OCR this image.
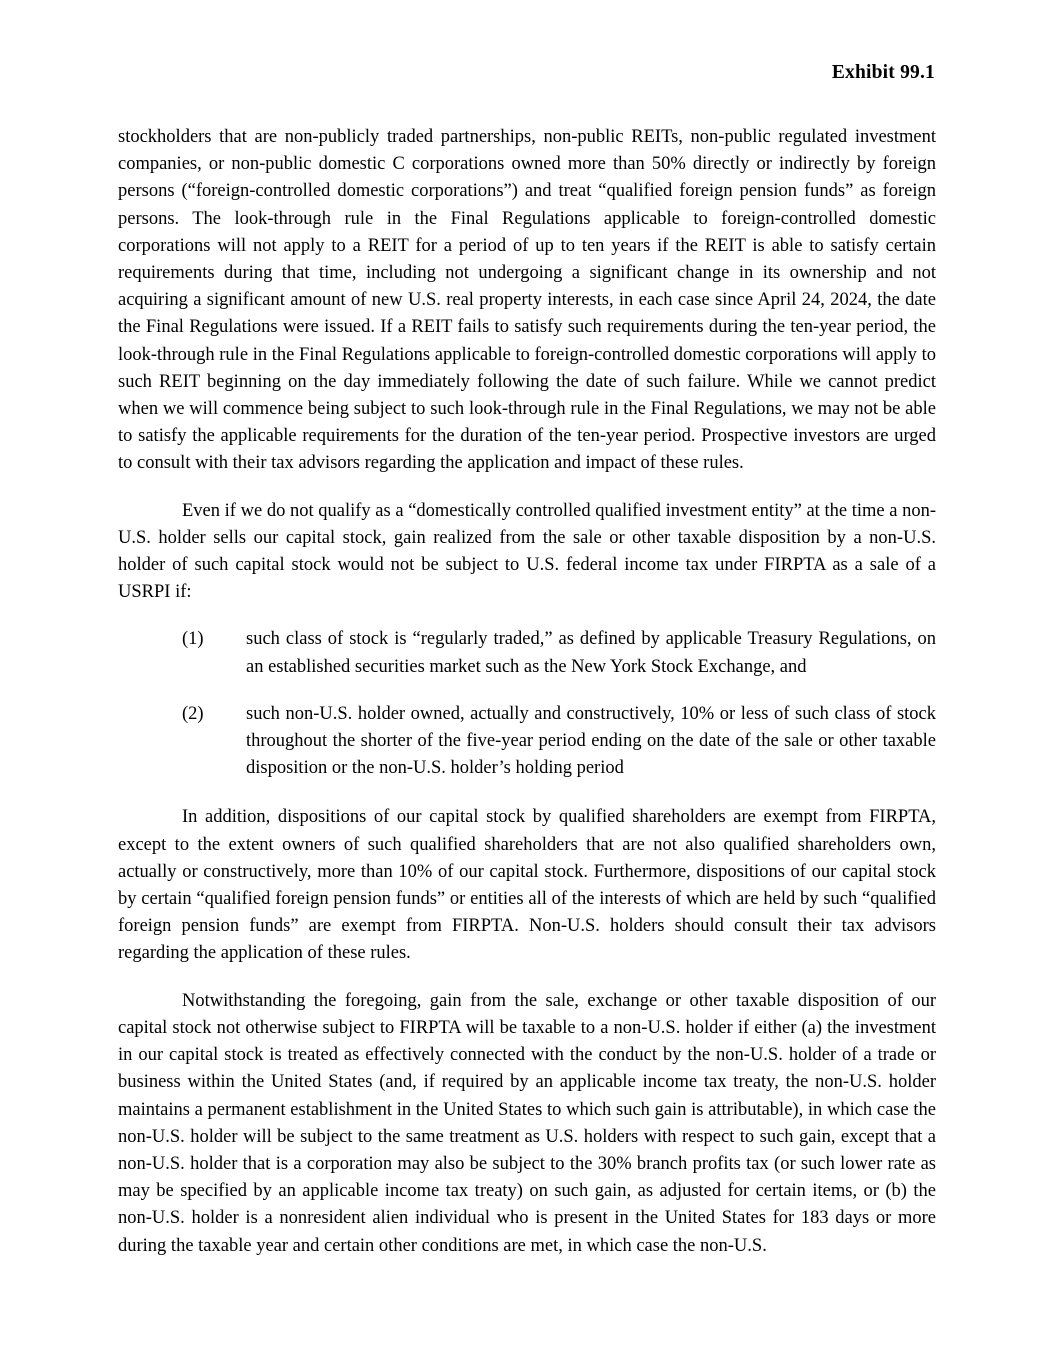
Exhibit 99.1

stockholders that are non-publicly traded partnerships, non-public REITs, non-public regulated investment companies, or non-public domestic C corporations owned more than 50% directly or indirectly by foreign persons (“foreign-controlled domestic corporations”) and treat “qualified foreign pension funds” as foreign persons. The look-through rule in the Final Regulations applicable to foreign-controlled domestic corporations will not apply to a REIT for a period of up to ten years if the REIT is able to satisfy certain requirements during that time, including not undergoing a significant change in its ownership and not acquiring a significant amount of new U.S. real property interests, in each case since April 24, 2024, the date the Final Regulations were issued. If a REIT fails to satisfy such requirements during the ten-year period, the look-through rule in the Final Regulations applicable to foreign-controlled domestic corporations will apply to such REIT beginning on the day immediately following the date of such failure. While we cannot predict when we will commence being subject to such look-through rule in the Final Regulations, we may not be able to satisfy the applicable requirements for the duration of the ten-year period. Prospective investors are urged to consult with their tax advisors regarding the application and impact of these rules.

Even if we do not qualify as a “domestically controlled qualified investment entity” at the time a non-U.S. holder sells our capital stock, gain realized from the sale or other taxable disposition by a non-U.S. holder of such capital stock would not be subject to U.S. federal income tax under FIRPTA as a sale of a USRPI if:

(1)	such class of stock is “regularly traded,” as defined by applicable Treasury Regulations, on an established securities market such as the New York Stock Exchange, and
(2)	such non-U.S. holder owned, actually and constructively, 10% or less of such class of stock throughout the shorter of the five-year period ending on the date of the sale or other taxable disposition or the non-U.S. holder’s holding period

In addition, dispositions of our capital stock by qualified shareholders are exempt from FIRPTA, except to the extent owners of such qualified shareholders that are not also qualified shareholders own, actually or constructively, more than 10% of our capital stock. Furthermore, dispositions of our capital stock by certain “qualified foreign pension funds” or entities all of the interests of which are held by such “qualified foreign pension funds” are exempt from FIRPTA. Non-U.S. holders should consult their tax advisors regarding the application of these rules.

Notwithstanding the foregoing, gain from the sale, exchange or other taxable disposition of our capital stock not otherwise subject to FIRPTA will be taxable to a non-U.S. holder if either (a) the investment in our capital stock is treated as effectively connected with the conduct by the non-U.S. holder of a trade or business within the United States (and, if required by an applicable income tax treaty, the non-U.S. holder maintains a permanent establishment in the United States to which such gain is attributable), in which case the non-U.S. holder will be subject to the same treatment as U.S. holders with respect to such gain, except that a non-U.S. holder that is a corporation may also be subject to the 30% branch profits tax (or such lower rate as may be specified by an applicable income tax treaty) on such gain, as adjusted for certain items, or (b) the non-U.S. holder is a nonresident alien individual who is present in the United States for 183 days or more during the taxable year and certain other conditions are met, in which case the non-U.S.
